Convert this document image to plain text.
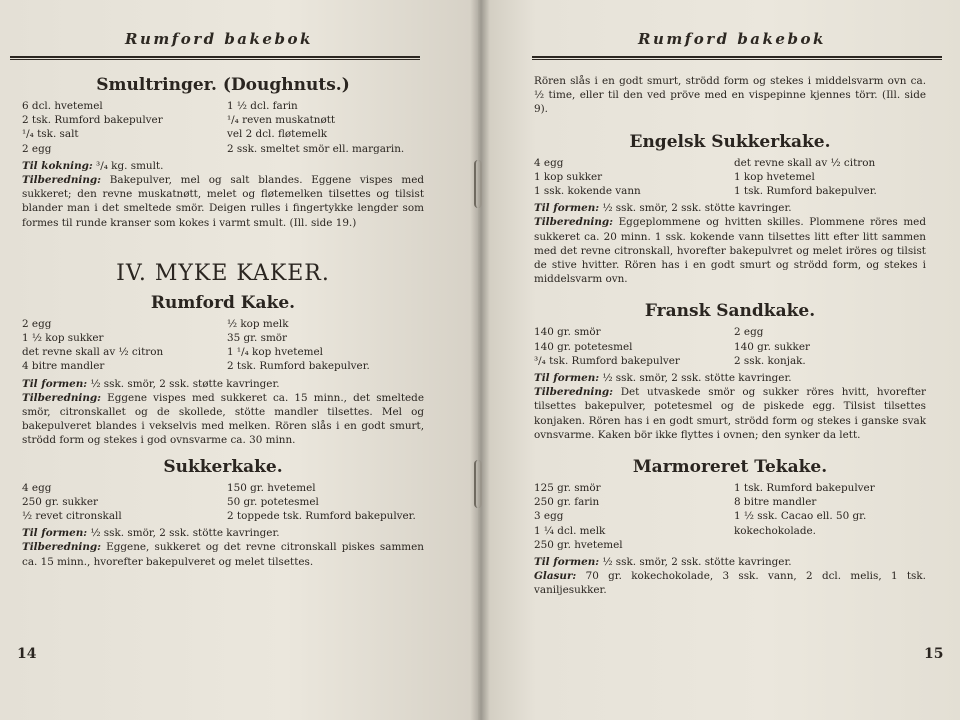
Rumford bakebok
Smultringer. (Doughnuts.)
6 dcl. hvetemel
2 tsk. Rumford bakepulver
¹/₄ tsk. salt
2 egg
1 ½ dcl. farin
¹/₄ reven muskatnøtt
vel 2 dcl. fløtemelk
2 ssk. smeltet smör ell. margarin.

Til kokning: ³/₄ kg. smult.

Tilberedning: Bakepulver, mel og salt blandes. Eggene vispes med sukkeret; den revne muskatnøtt, melet og fløtemelken tilsettes og tilsist blander man i det smeltede smör. Deigen rulles i fingertykke lengder som formes til runde kranser som kokes i varmt smult. (Ill. side 19.)

IV. MYKE KAKER.
Rumford Kake.
2 egg
1 ½ kop sukker
det revne skall av ½ citron
4 bitre mandler
½ kop melk
35 gr. smör
1 ¹/₄ kop hvetemel
2 tsk. Rumford bakepulver.

Til formen: ½ ssk. smör, 2 ssk. støtte kavringer.

Tilberedning: Eggene vispes med sukkeret ca. 15 minn., det smeltede smör, citronskallet og de skollede, stötte mandler tilsettes. Mel og bakepulveret blandes i vekselvis med melken. Rören slås i en godt smurt, strödd form og stekes i god ovnsvarme ca. 30 minn.

Sukkerkake.
4 egg
250 gr. sukker
½ revet citronskall
150 gr. hvetemel
50 gr. potetesmel
2 toppede tsk. Rumford bakepulver.

Til formen: ½ ssk. smör, 2 ssk. stötte kavringer.

Tilberedning: Eggene, sukkeret og det revne citronskall piskes sammen ca. 15 minn., hvorefter bakepulveret og melet tilsettes.

14
Rumford bakebok

Rören slås i en godt smurt, strödd form og stekes i middelsvarm ovn ca. ½ time, eller til den ved pröve med en vispepinne kjennes törr. (Ill. side 9).

Engelsk Sukkerkake.
4 egg
1 kop sukker
1 ssk. kokende vann
det revne skall av ½ citron
1 kop hvetemel
1 tsk. Rumford bakepulver.

Til formen: ½ ssk. smör, 2 ssk. stötte kavringer.

Tilberedning: Eggeplommene og hvitten skilles. Plommene röres med sukkeret ca. 20 minn. 1 ssk. kokende vann tilsettes litt efter litt sammen med det revne citronskall, hvorefter bakepulvret og melet iröres og tilsist de stive hvitter. Rören has i en godt smurt og strödd form, og stekes i middelsvarm ovn.

Fransk Sandkake.
140 gr. smör
140 gr. potetesmel
³/₄ tsk. Rumford bakepulver
2 egg
140 gr. sukker
2 ssk. konjak.

Til formen: ½ ssk. smör, 2 ssk. stötte kavringer.

Tilberedning: Det utvaskede smör og sukker röres hvitt, hvorefter tilsettes bakepulver, potetesmel og de piskede egg. Tilsist tilsettes konjaken. Rören has i en godt smurt, strödd form og stekes i ganske svak ovnsvarme. Kaken bör ikke flyttes i ovnen; den synker da lett.

Marmoreret Tekake.
125 gr. smör
250 gr. farin
3 egg
1 ¼ dcl. melk
250 gr. hvetemel
1 tsk. Rumford bakepulver
8 bitre mandler
1 ½ ssk. Cacao ell. 50 gr. kokechokolade.

Til formen: ½ ssk. smör, 2 ssk. stötte kavringer.

Glasur: 70 gr. kokechokolade, 3 ssk. vann, 2 dcl. melis, 1 tsk. vaniljesukker.

15
